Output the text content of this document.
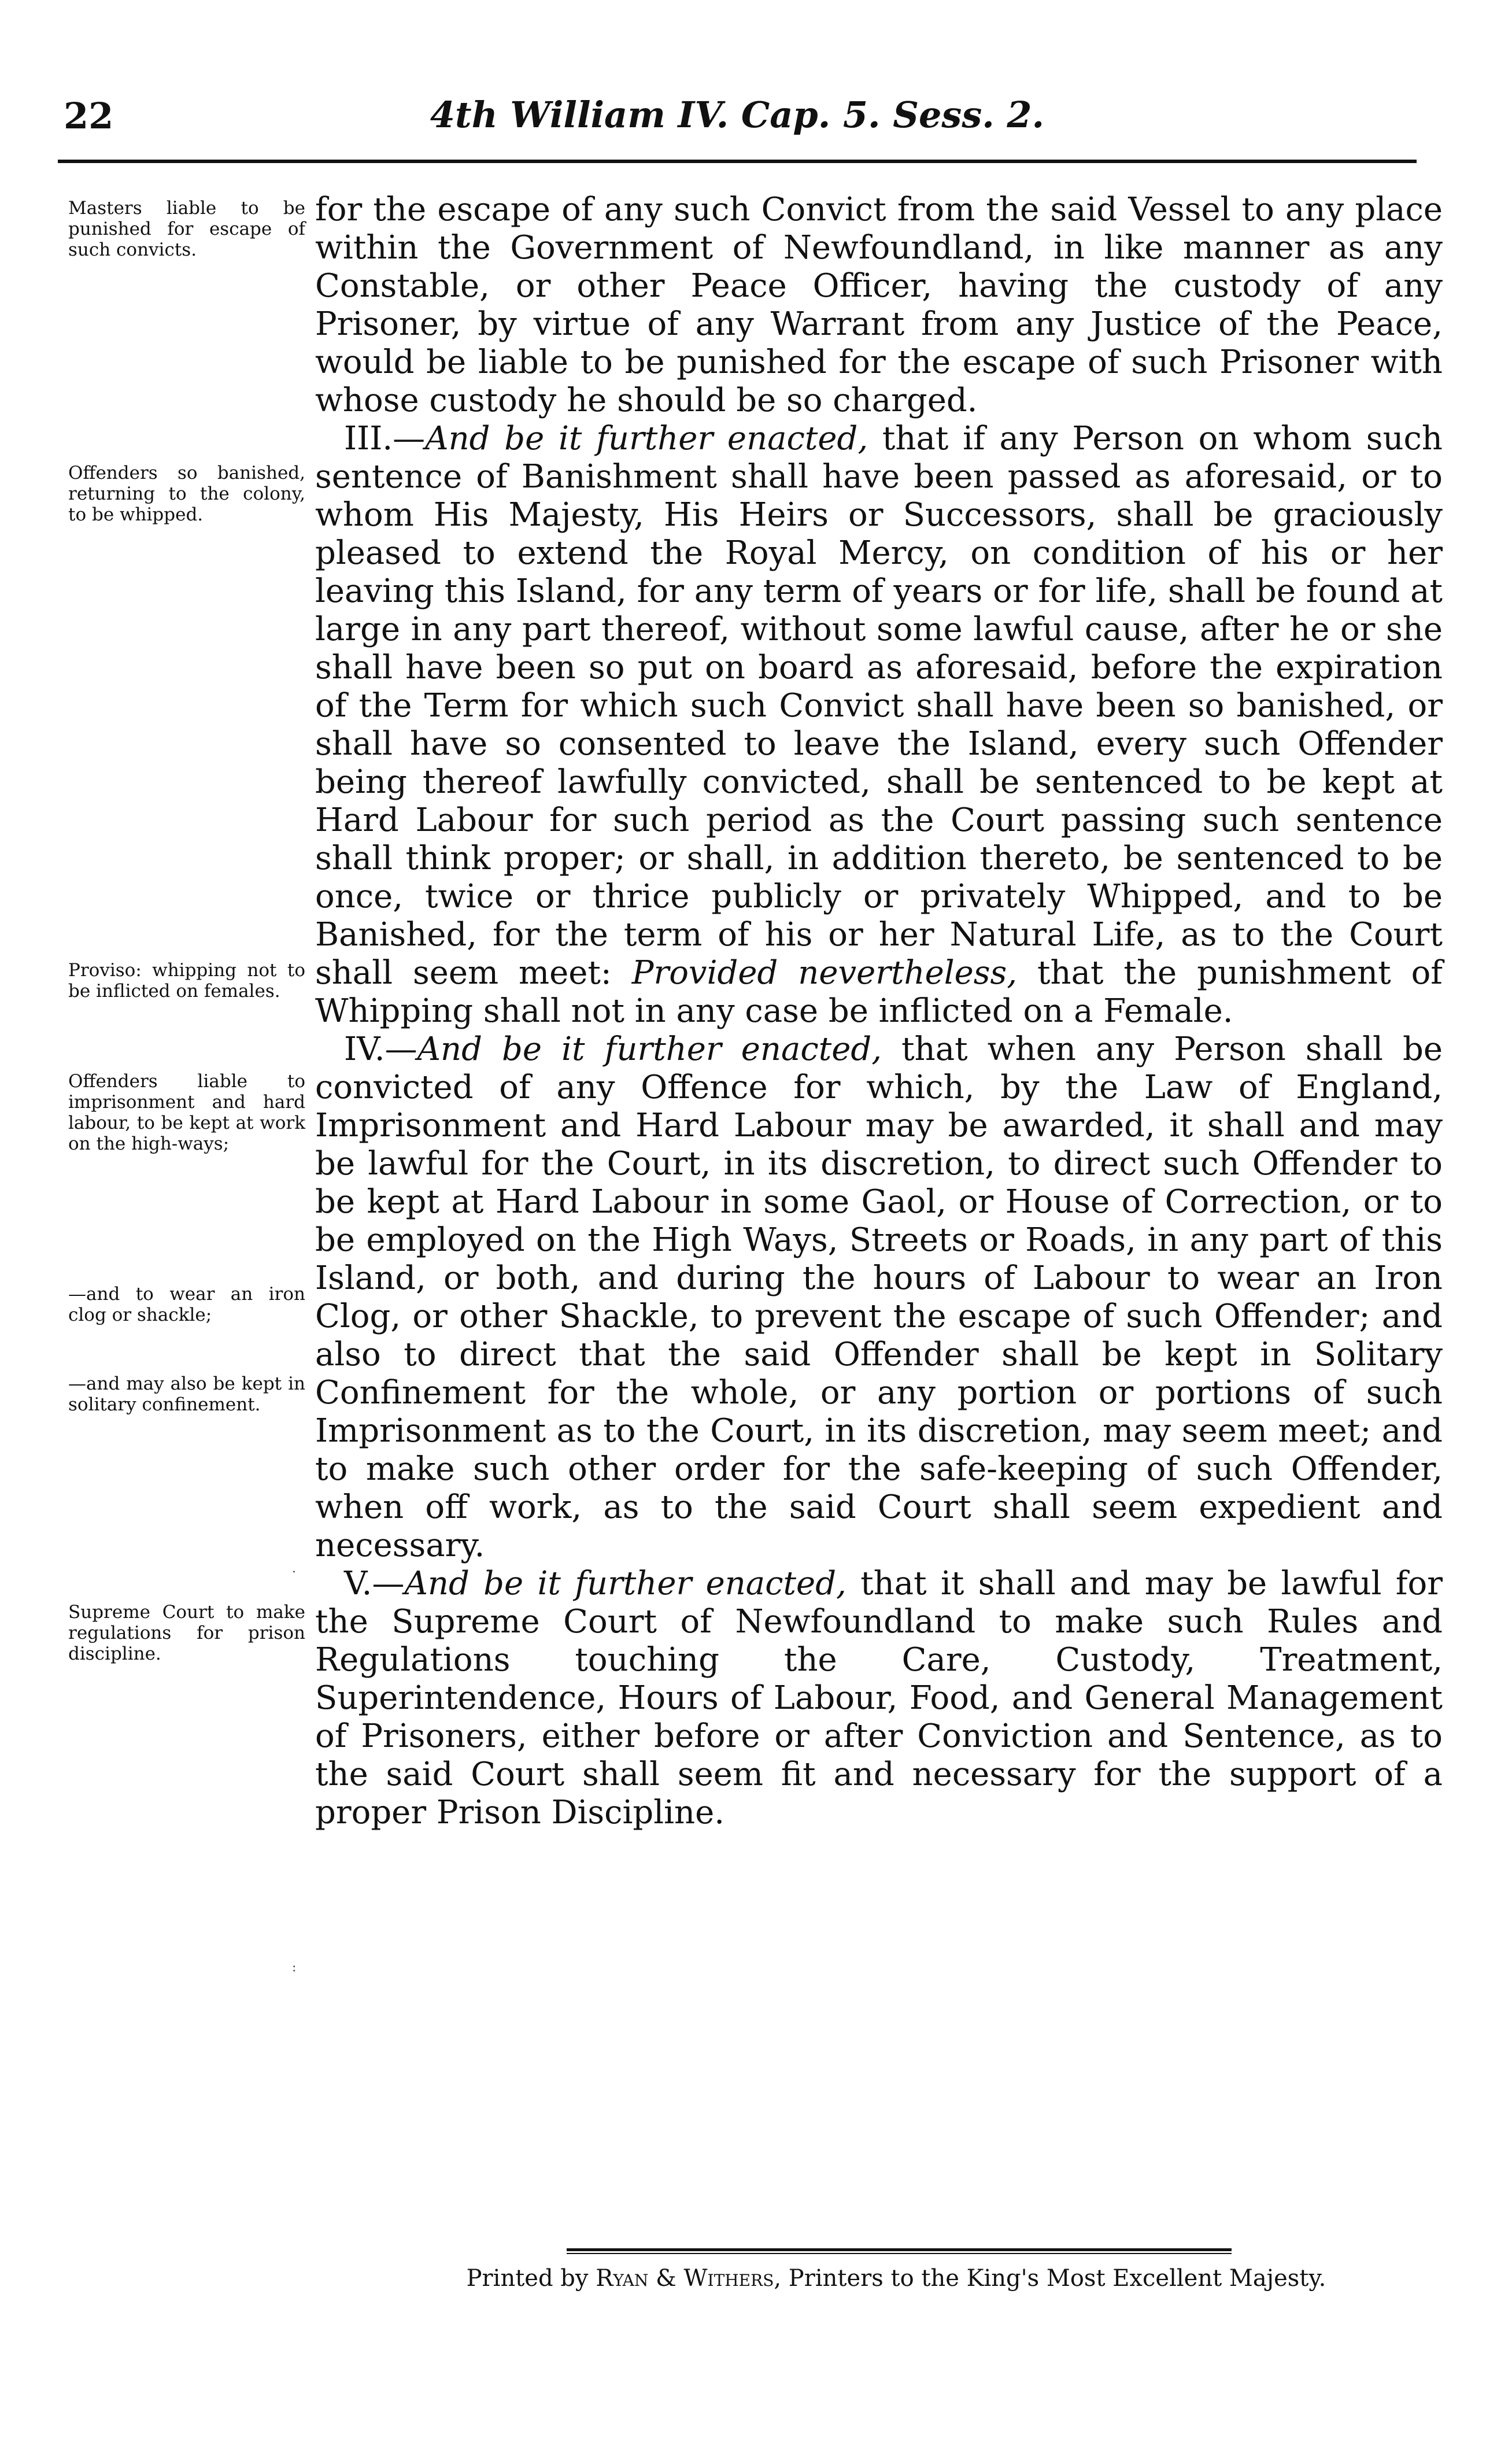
22	4th William IV. Cap. 5. Sess. 2.
Masters liable to be punished for escape of such convicts.
Offenders so banished, returning to the colony, to be whipped.
Proviso: whipping not to be inflicted on females.
Offenders liable to imprisonment and hard labour, to be kept at work on the high-ways;
—and to wear an iron clog or shackle;
—and may also be kept in solitary confinement.
Supreme Court to make regulations for prison discipline.

for the escape of any such Convict from the said Vessel to any place within the Government of Newfoundland, in like manner as any Constable, or other Peace Officer, having the custody of any Prisoner, by virtue of any Warrant from any Justice of the Peace, would be liable to be punished for the escape of such Prisoner with whose custody he should be so charged.

III.—And be it further enacted, that if any Person on whom such sentence of Banishment shall have been passed as aforesaid, or to whom His Majesty, His Heirs or Successors, shall be graciously pleased to extend the Royal Mercy, on condition of his or her leaving this Island, for any term of years or for life, shall be found at large in any part thereof, without some lawful cause, after he or she shall have been so put on board as aforesaid, before the expiration of the Term for which such Convict shall have been so banished, or shall have so consented to leave the Island, every such Offender being thereof lawfully convicted, shall be sentenced to be kept at Hard Labour for such period as the Court passing such sentence shall think proper; or shall, in addition thereto, be sentenced to be once, twice or thrice publicly or privately Whipped, and to be Banished, for the term of his or her Natural Life, as to the Court shall seem meet: Provided nevertheless, that the punishment of Whipping shall not in any case be inflicted on a Female.

IV.—And be it further enacted, that when any Person shall be convicted of any Offence for which, by the Law of England, Imprisonment and Hard Labour may be awarded, it shall and may be lawful for the Court, in its discretion, to direct such Offender to be kept at Hard Labour in some Gaol, or House of Correction, or to be employed on the High Ways, Streets or Roads, in any part of this Island, or both, and during the hours of Labour to wear an Iron Clog, or other Shackle, to prevent the escape of such Offender; and also to direct that the said Offender shall be kept in Solitary Confinement for the whole, or any portion or portions of such Imprisonment as to the Court, in its discretion, may seem meet; and to make such other order for the safe-keeping of such Offender, when off work, as to the said Court shall seem expedient and necessary.

V.—And be it further enacted, that it shall and may be lawful for the Supreme Court of Newfoundland to make such Rules and Regulations touching the Care, Custody, Treatment, Superintendence, Hours of Labour, Food, and General Management of Prisoners, either before or after Conviction and Sentence, as to the said Court shall seem fit and necessary for the support of a proper Prison Discipline.

.
:
Printed by Ryan & Withers, Printers to the King's Most Excellent Majesty.
